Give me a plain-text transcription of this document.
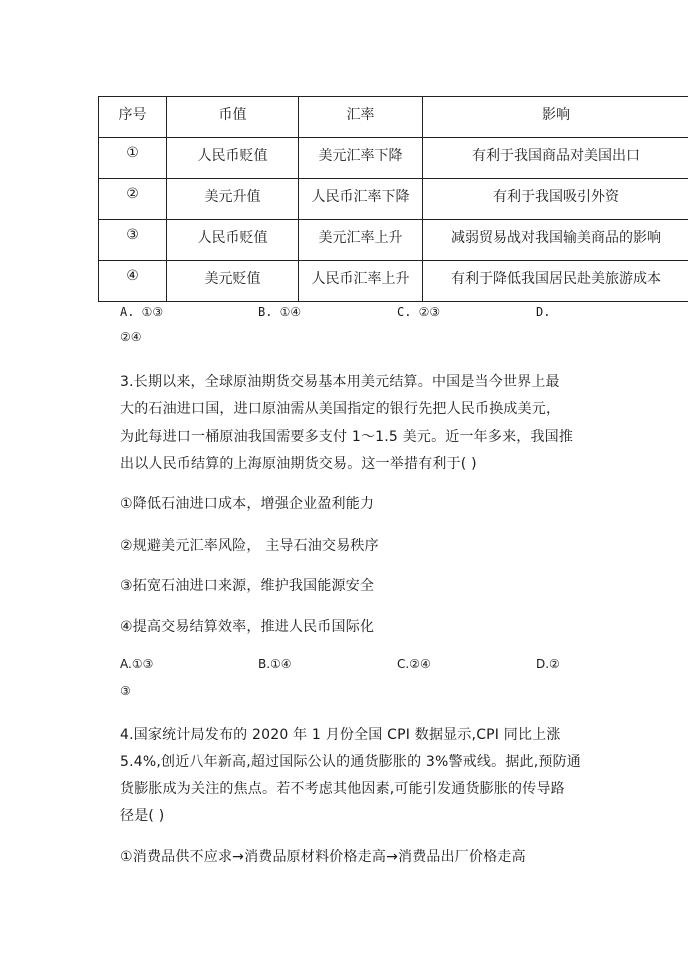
序号	币值	汇率	影响
①	人民币贬值	美元汇率下降	有利于我国商品对美国出口
②	美元升值	人民币汇率下降	有利于我国吸引外资
③	人民币贬值	美元汇率上升	减弱贸易战对我国输美商品的影响
④	美元贬值	人民币汇率上升	有利于降低我国居民赴美旅游成本
A. ①③	B. ①④	C. ②③	D.
②④
3.长期以来，全球原油期货交易基本用美元结算。中国是当今世界上最
大的石油进口国，进口原油需从美国指定的银行先把人民币换成美元，
为此每进口一桶原油我国需要多支付 1～1.5 美元。近一年多来，我国推
出以人民币结算的上海原油期货交易。这一举措有利于( )
①降低石油进口成本，增强企业盈利能力
②规避美元汇率风险， 主导石油交易秩序
③拓宽石油进口来源，维护我国能源安全
④提高交易结算效率，推进人民币国际化
A.①③	B.①④	C.②④	D.②
③
4.国家统计局发布的 2020 年 1 月份全国 CPI 数据显示,CPI 同比上涨
5.4%,创近八年新高,超过国际公认的通货膨胀的 3%警戒线。据此,预防通
货膨胀成为关注的焦点。若不考虑其他因素,可能引发通货膨胀的传导路
径是( )
①消费品供不应求→消费品原材料价格走高→消费品出厂价格走高
